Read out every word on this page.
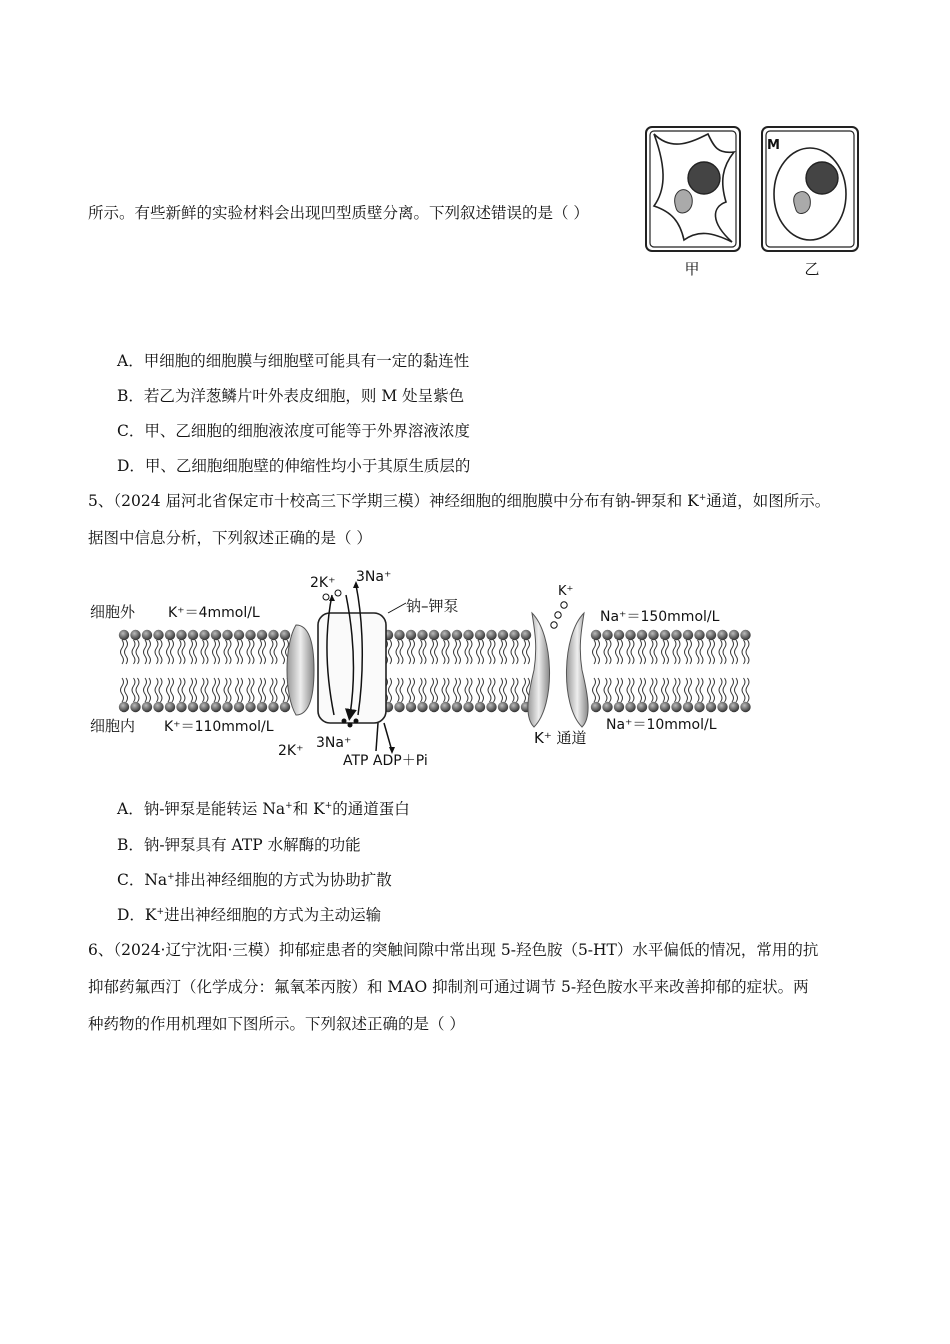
所示。有些新鲜的实验材料会出现凹型质壁分离。下列叙述错误的是（ ）
甲
M
乙
A．甲细胞的细胞膜与细胞壁可能具有一定的黏连性
B．若乙为洋葱鳞片叶外表皮细胞，则 M 处呈紫色
C．甲、乙细胞的细胞液浓度可能等于外界溶液浓度
D．甲、乙细胞细胞壁的伸缩性均小于其原生质层的
5、（2024 届河北省保定市十校高三下学期三模）神经细胞的细胞膜中分布有钠-钾泵和 K+通道，如图所示。
据图中信息分析，下列叙述正确的是（ ）
2K⁺ 3Na⁺
2K⁺ 3Na⁺
ATP ADP＋Pi
钠–钾泵
K⁺
K⁺ 通道
细胞外 K⁺＝4mmol/L
细胞内 K⁺＝110mmol/L
Na⁺＝150mmol/L
Na⁺＝10mmol/L
A．钠-钾泵是能转运 Na+和 K+的通道蛋白
B．钠-钾泵具有 ATP 水解酶的功能
C．Na+排出神经细胞的方式为协助扩散
D．K+进出神经细胞的方式为主动运输
6、（2024·辽宁沈阳·三模）抑郁症患者的突触间隙中常出现 5-羟色胺（5-HT）水平偏低的情况，常用的抗
抑郁药氟西汀（化学成分：氟氧苯丙胺）和 MAO 抑制剂可通过调节 5-羟色胺水平来改善抑郁的症状。两
种药物的作用机理如下图所示。下列叙述正确的是（ ）
